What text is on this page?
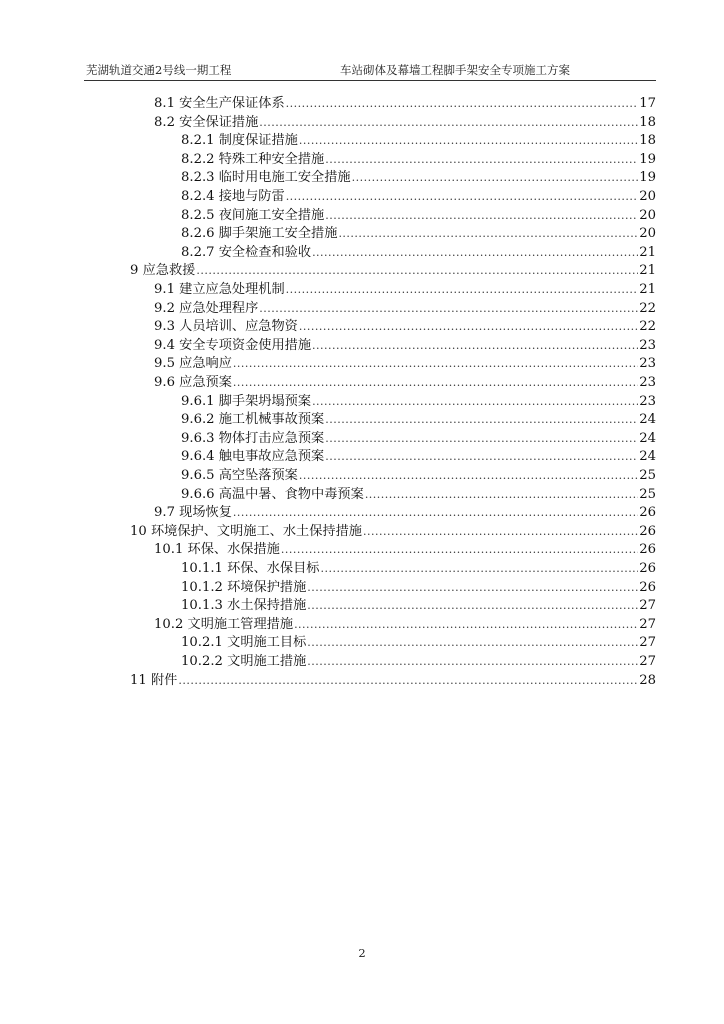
芜湖轨道交通2号线一期工程	车站砌体及幕墙工程脚手架安全专项施工方案
8.1 安全生产保证体系 .....	17
8.2 安全保证措施 .....	18
8.2.1 制度保证措施 .....	18
8.2.2 特殊工种安全措施 .....	19
8.2.3 临时用电施工安全措施 .....	19
8.2.4 接地与防雷 .....	20
8.2.5 夜间施工安全措施 .....	20
8.2.6 脚手架施工安全措施 .....	20
8.2.7 安全检查和验收 .....	21
9 应急救援 .....	21
9.1 建立应急处理机制 .....	21
9.2 应急处理程序 .....	22
9.3 人员培训、应急物资 .....	22
9.4 安全专项资金使用措施 .....	23
9.5 应急响应 .....	23
9.6 应急预案 .....	23
9.6.1 脚手架坍塌预案 .....	23
9.6.2 施工机械事故预案 .....	24
9.6.3 物体打击应急预案 .....	24
9.6.4 触电事故应急预案 .....	24
9.6.5 高空坠落预案 .....	25
9.6.6 高温中暑、食物中毒预案 .....	25
9.7 现场恢复 .....	26
10 环境保护、文明施工、水土保持措施 .....	26
10.1 环保、水保措施 .....	26
10.1.1 环保、水保目标 .....	26
10.1.2 环境保护措施 .....	26
10.1.3 水土保持措施 .....	27
10.2 文明施工管理措施 .....	27
10.2.1 文明施工目标 .....	27
10.2.2 文明施工措施 .....	27
11 附件 .....	28
2
